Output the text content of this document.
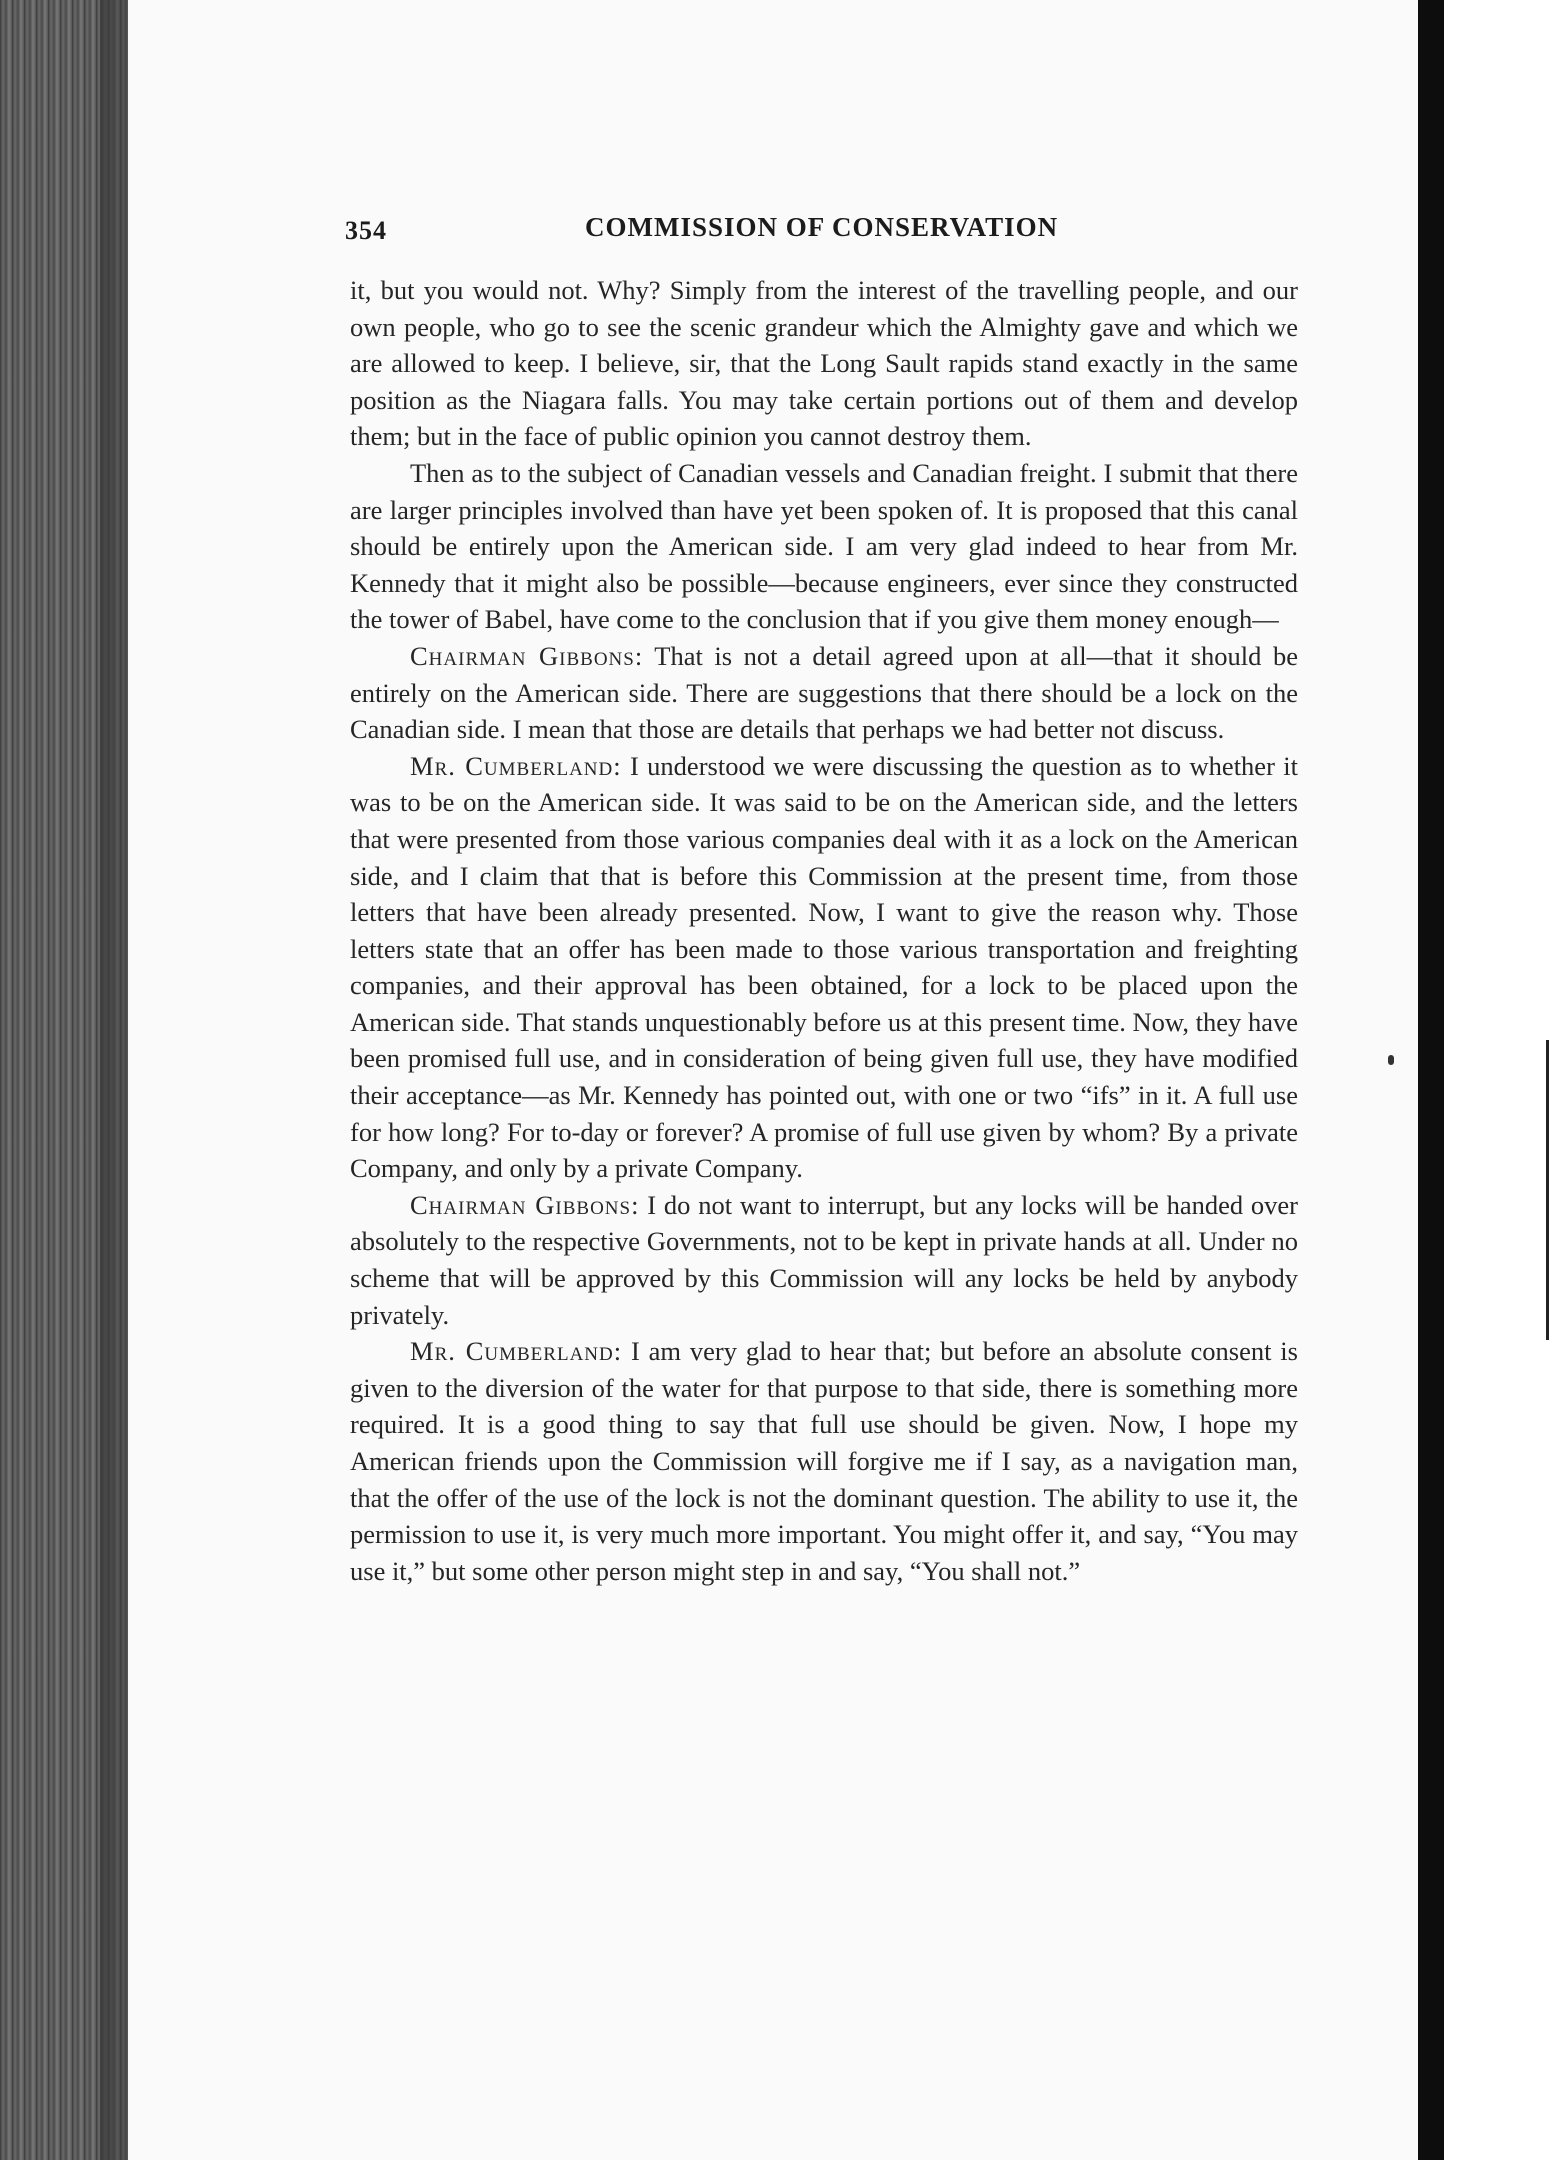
354	COMMISSION OF CONSERVATION

it, but you would not. Why? Simply from the interest of the travelling people, and our own people, who go to see the scenic grandeur which the Almighty gave and which we are allowed to keep. I believe, sir, that the Long Sault rapids stand exactly in the same position as the Niagara falls. You may take certain portions out of them and develop them; but in the face of public opinion you cannot destroy them.

Then as to the subject of Canadian vessels and Canadian freight. I submit that there are larger principles involved than have yet been spoken of. It is proposed that this canal should be entirely upon the American side. I am very glad indeed to hear from Mr. Kennedy that it might also be possible—because engineers, ever since they constructed the tower of Babel, have come to the conclusion that if you give them money enough—

Chairman Gibbons: That is not a detail agreed upon at all—that it should be entirely on the American side. There are suggestions that there should be a lock on the Canadian side. I mean that those are details that perhaps we had better not discuss.

Mr. Cumberland: I understood we were discussing the question as to whether it was to be on the American side. It was said to be on the American side, and the letters that were presented from those various companies deal with it as a lock on the American side, and I claim that that is before this Commission at the present time, from those letters that have been already presented. Now, I want to give the reason why. Those letters state that an offer has been made to those various transportation and freighting companies, and their approval has been obtained, for a lock to be placed upon the American side. That stands unquestionably before us at this present time. Now, they have been promised full use, and in consideration of being given full use, they have modified their acceptance—as Mr. Kennedy has pointed out, with one or two “ifs” in it. A full use for how long? For to-day or forever? A promise of full use given by whom? By a private Company, and only by a private Company.

Chairman Gibbons: I do not want to interrupt, but any locks will be handed over absolutely to the respective Governments, not to be kept in private hands at all. Under no scheme that will be approved by this Commission will any locks be held by anybody privately.

Mr. Cumberland: I am very glad to hear that; but before an absolute consent is given to the diversion of the water for that purpose to that side, there is something more required. It is a good thing to say that full use should be given. Now, I hope my American friends upon the Commission will forgive me if I say, as a navigation man, that the offer of the use of the lock is not the dominant question. The ability to use it, the permission to use it, is very much more important. You might offer it, and say, “You may use it,” but some other person might step in and say, “You shall not.”
